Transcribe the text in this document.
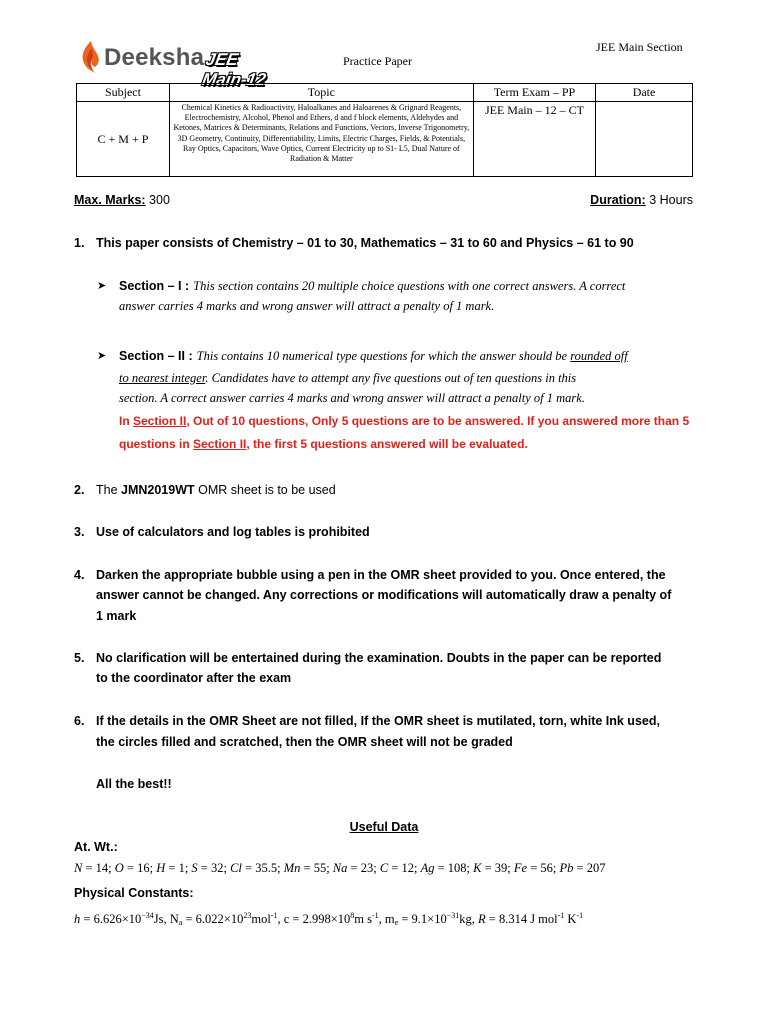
Deeksha JEE Main-12
Practice Paper
JEE Main Section
Subject	Topic	Term Exam – PP	Date
C + M + P	Chemical Kinetics & Radioactivity, Haloalkanes and Haloarenes & Grignard Reagents, Electrochemistry, Alcohol, Phenol and Ethers, d and f block elements, Aldehydes and Ketones, Matrices & Determinants, Relations and Functions, Vectors, Inverse Trigonometry, 3D Geometry, Continuity, Differentiability, Limits, Electric Charges, Fields, & Potentials, Ray Optics, Capacitors, Wave Optics, Current Electricity up to S1- L5, Dual Nature of Radiation & Matter	JEE Main – 12 – CT	
Max. Marks: 300	Duration: 3 Hours
1. This paper consists of Chemistry – 01 to 30, Mathematics – 31 to 60 and Physics – 61 to 90
➤ Section – I : This section contains 20 multiple choice questions with one correct answers. A correct
answer carries 4 marks and wrong answer will attract a penalty of 1 mark.
➤ Section – II : This contains 10 numerical type questions for which the answer should be rounded off
to nearest integer. Candidates have to attempt any five questions out of ten questions in this
section. A correct answer carries 4 marks and wrong answer will attract a penalty of 1 mark.
In Section II, Out of 10 questions, Only 5 questions are to be answered. If you answered more than 5
questions in Section II, the first 5 questions answered will be evaluated.
2. The JMN2019WT OMR sheet is to be used
3. Use of calculators and log tables is prohibited
4. Darken the appropriate bubble using a pen in the OMR sheet provided to you. Once entered, the
answer cannot be changed. Any corrections or modifications will automatically draw a penalty of
1 mark
5. No clarification will be entertained during the examination. Doubts in the paper can be reported
to the coordinator after the exam
6. If the details in the OMR Sheet are not filled, If the OMR sheet is mutilated, torn, white Ink used,
the circles filled and scratched, then the OMR sheet will not be graded
All the best!!
Useful Data
At. Wt.:
N = 14; O = 16; H = 1; S = 32; Cl = 35.5; Mn = 55; Na = 23; C = 12; Ag = 108; K = 39; Fe = 56; Pb = 207
Physical Constants:
$h = 6.626\times 10^{-34}Js$, $N_a = 6.022\times 10^{23}mol^{-1}$, $c = 2.998\times 10^8m$ $s^{-1}$, $m_e = 9.1\times 10^{-31}kg$, R = 8.314 J mol$^{-1}$ $K^{-1}$
